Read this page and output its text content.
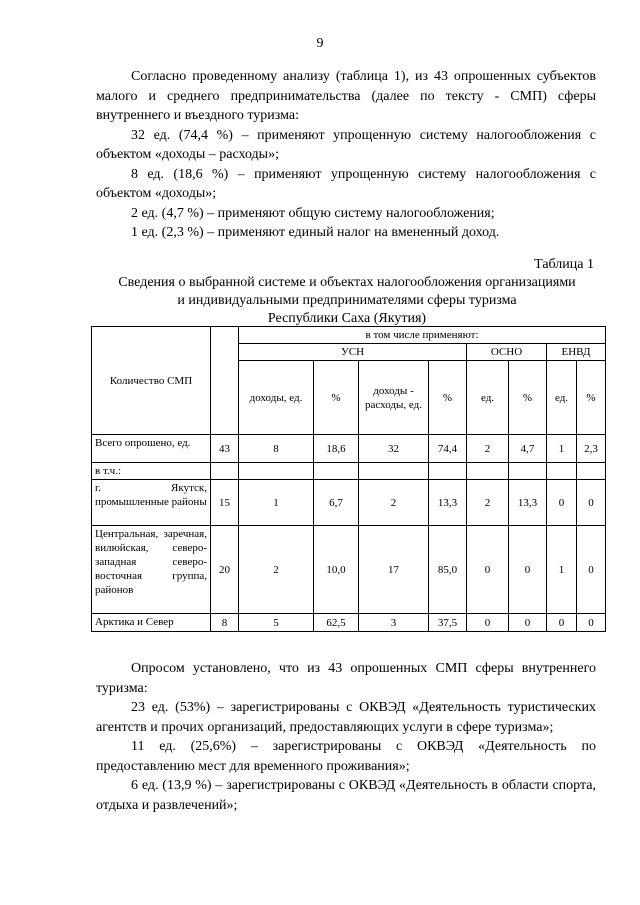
9

Согласно проведенному анализу (таблица 1), из 43 опрошенных субъектов малого и среднего предпринимательства (далее по тексту - СМП) сферы внутреннего и въездного туризма:

32 ед. (74,4 %) – применяют упрощенную систему налогообложения с объектом «доходы – расходы»;

8 ед. (18,6 %) – применяют упрощенную систему налогообложения с объектом «доходы»;

2 ед. (4,7 %) – применяют общую систему налогообложения;

1 ед. (2,3 %) – применяют единый налог на вмененный доход.

Таблица 1
Сведения о выбранной системе и объектах налогообложения организациями
и индивидуальными предпринимателями сферы туризма
Республики Саха (Якутия)
Количество СМП		в том числе применяют:							
		УСН				ОСНО		ЕНВД	
		доходы, ед.	%	доходы - расходы, ед.	%	ед.	%	ед.	%
Всего опрошено, ед.	43	8	18,6	32	74,4	2	4,7	1	2,3
в т.ч.:									
г. Якутск, промышленные районы	15	1	6,7	2	13,3	2	13,3	0	0
Центральная, заречная, вилюйская, северо-западная северо-восточная группа, районов	20	2	10,0	17	85,0	0	0	1	0
Арктика и Север	8	5	62,5	3	37,5	0	0	0	0

Опросом установлено, что из 43 опрошенных СМП сферы внутреннего туризма:

23 ед. (53%) – зарегистрированы с ОКВЭД «Деятельность туристических агентств и прочих организаций, предоставляющих услуги в сфере туризма»;

11 ед. (25,6%) – зарегистрированы с ОКВЭД «Деятельность по предоставлению мест для временного проживания»;

6 ед. (13,9 %) – зарегистрированы с ОКВЭД «Деятельность в области спорта, отдыха и развлечений»;
